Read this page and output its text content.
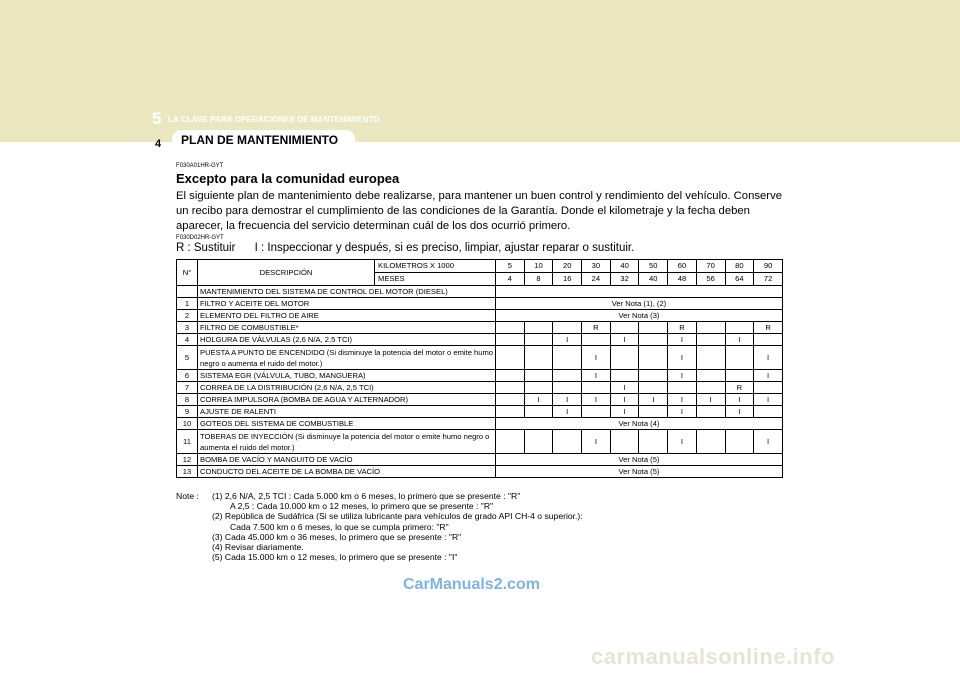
5 LA CLAVE PARA OPERACIONES DE MANTENIMIENTO
PLAN DE MANTENIMIENTO
4
F030A01HR-GYT
Excepto para la comunidad europea
El siguiente plan de mantenimiento debe realizarse, para mantener un buen control y rendimiento del vehículo. Conserve un recibo para demostrar el cumplimiento de las condiciones de la Garantía. Donde el kilometraje y la fecha deben aparecer, la frecuencia del servicio determinan cuál de los dos ocurrió primero.
F030D02HR-GYT
R : Sustituir I : Inspeccionar y después, si es preciso, limpiar, ajustar reparar o sustituir.
N°	DESCRIPCIÓN	KILOMETROS X 1000	5	10	20	30	40	50	60	70	80	90
		MESES	4	8	16	24	32	40	48	56	64	72
	MANTENIMIENTO DEL SISTEMA DE CONTROL DEL MOTOR (DIESEL)											
1	FILTRO Y ACEITE DEL MOTOR		Ver Nota (1), (2)									
2	ELEMENTO DEL FILTRO DE AIRE		Ver Nota (3)									
3	FILTRO DE COMBUSTIBLE*					R			R			R
4	HOLGURA DE VÁLVULAS (2,6 N/A, 2,5 TCI)				I		I		I		I	
5	PUESTA A PUNTO DE ENCENDIDO (Si disminuye la potencia del motor o emite humo negro o aumenta el ruido del motor.)					I			I			I
6	SISTEMA EGR (VÁLVULA, TUBO, MANGUERA)					I			I			I
7	CORREA DE LA DISTRIBUCIÓN (2,6 N/A, 2,5 TCI)						I				R	
8	CORREA IMPULSORA (BOMBA DE AGUA Y ALTERNADOR)			I	I	I	I	I	I	I	I	I
9	AJUSTE DE RALENTI				I		I		I		I	
10	GOTEOS DEL SISTEMA DE COMBUSTIBLE		Ver Nota (4)									
11	TOBERAS DE INYECCIÓN (Si disminuye la potencia del motor o emite humo negro o aumenta el ruido del motor.)					I			I			I
12	BOMBA DE VACÍO Y MANGUITO DE VACÍO		Ver Nota (5)									
13	CONDUCTO DEL ACEITE DE LA BOMBA DE VACÍO		Ver Nota (5)									
Note :	(1) 2,6 N/A, 2,5 TCI : Cada 5.000 km o 6 meses, lo primero que se presente : "R"
A 2,5 : Cada 10.000 km o 12 meses, lo primero que se presente : "R"
(2) República de Sudáfrica (Si se utiliza lubricante para vehículos de grado API CH-4 o superior.):
Cada 7.500 km o 6 meses, lo que se cumpla primero: "R"
(3) Cada 45.000 km o 36 meses, lo primero que se presente : "R"
(4) Revisar diariamente.
(5) Cada 15.000 km o 12 meses, lo primero que se presente : "I"
CarManuals2.com
carmanualsonline.info
